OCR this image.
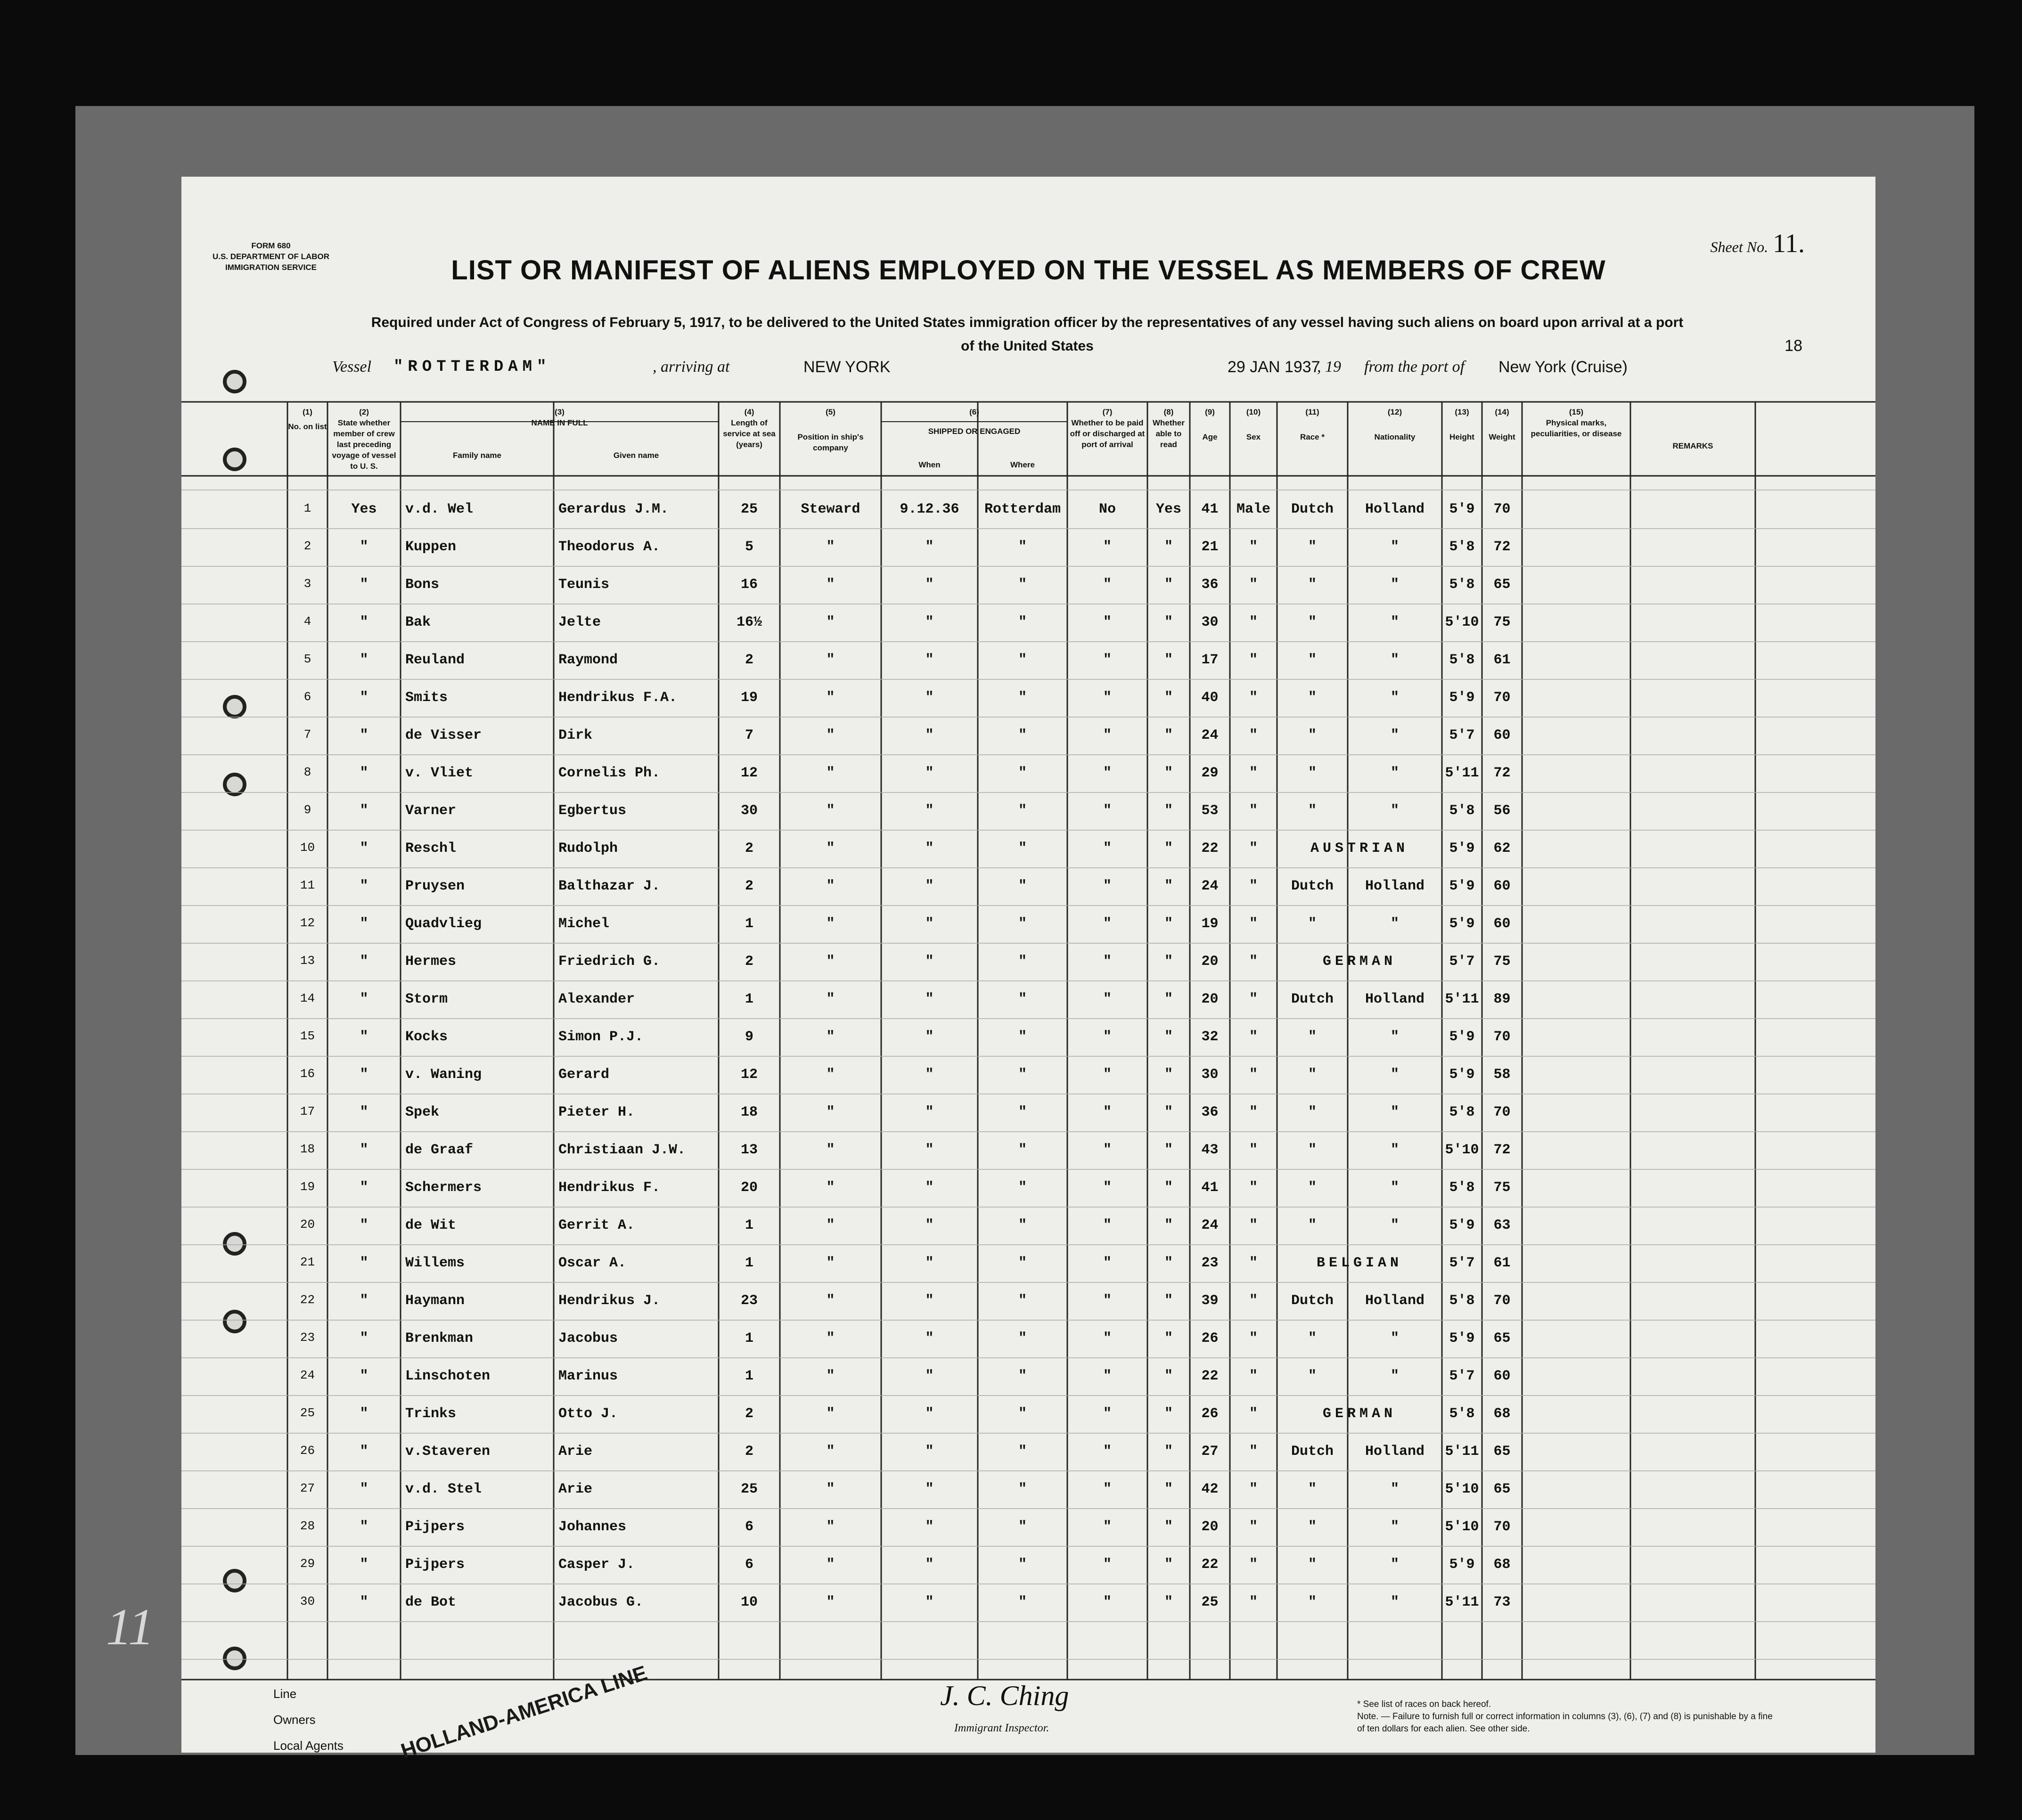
FORM 680
U.S. DEPARTMENT OF LABOR
IMMIGRATION SERVICE
Sheet No. 11.
LIST OR MANIFEST OF ALIENS EMPLOYED ON THE VESSEL AS MEMBERS OF CREW
Required under Act of Congress of February 5, 1917, to be delivered to the United States immigration officer by the representatives of any vessel having such aliens on board upon arrival at a port
of the United States	18
Vessel "ROTTERDAM"	, arriving at	NEW YORK	29 JAN 1937
, 19 from the port of New York (Cruise)
(1)
No. on list
(2)
State whether member of crew last preceding voyage of vessel to U. S.
(3)
NAME IN FULL
Family name	Given name
(4)
Length of service at sea (years)
(5)
Position in ship's company
(6)
SHIPPED OR ENGAGED
When	Where
(7)
Whether to be paid off or discharged at port of arrival
(8)
Whether able to read
(9)
Age
(10)
Sex
(11)
Race *
(12)
Nationality
(13)
Height
(14)
Weight
(15)
Physical marks, peculiarities, or disease
REMARKS
1	Yes	v.d. Wel	Gerardus J.M.	25	Steward	9.12.36	Rotterdam	No	Yes	41	Male	Dutch	Holland	5'9	70
2	"	Kuppen	Theodorus A.	5	"	"	"	"	"	21	"	"	"	5'8	72
3	"	Bons	Teunis	16	"	"	"	"	"	36	"	"	"	5'8	65
4	"	Bak	Jelte	16½	"	"	"	"	"	30	"	"	"	5'10	75
5	"	Reuland	Raymond	2	"	"	"	"	"	17	"	"	"	5'8	61
6	"	Smits	Hendrikus F.A.	19	"	"	"	"	"	40	"	"	"	5'9	70
7	"	de Visser	Dirk	7	"	"	"	"	"	24	"	"	"	5'7	60
8	"	v. Vliet	Cornelis Ph.	12	"	"	"	"	"	29	"	"	"	5'11	72
9	"	Varner	Egbertus	30	"	"	"	"	"	53	"	"	"	5'8	56
10	"	Reschl	Rudolph	2	"	"	"	"	"	22	"	AUSTRIAN	5'9	62
11	"	Pruysen	Balthazar J.	2	"	"	"	"	"	24	"	Dutch	Holland	5'9	60
12	"	Quadvlieg	Michel	1	"	"	"	"	"	19	"	"	"	5'9	60
13	"	Hermes	Friedrich G.	2	"	"	"	"	"	20	"	GERMAN	5'7	75
14	"	Storm	Alexander	1	"	"	"	"	"	20	"	Dutch	Holland	5'11	89
15	"	Kocks	Simon P.J.	9	"	"	"	"	"	32	"	"	"	5'9	70
16	"	v. Waning	Gerard	12	"	"	"	"	"	30	"	"	"	5'9	58
17	"	Spek	Pieter H.	18	"	"	"	"	"	36	"	"	"	5'8	70
18	"	de Graaf	Christiaan J.W.	13	"	"	"	"	"	43	"	"	"	5'10	72
19	"	Schermers	Hendrikus F.	20	"	"	"	"	"	41	"	"	"	5'8	75
20	"	de Wit	Gerrit A.	1	"	"	"	"	"	24	"	"	"	5'9	63
21	"	Willems	Oscar A.	1	"	"	"	"	"	23	"	BELGIAN	5'7	61
22	"	Haymann	Hendrikus J.	23	"	"	"	"	"	39	"	Dutch	Holland	5'8	70
23	"	Brenkman	Jacobus	1	"	"	"	"	"	26	"	"	"	5'9	65
24	"	Linschoten	Marinus	1	"	"	"	"	"	22	"	"	"	5'7	60
25	"	Trinks	Otto J.	2	"	"	"	"	"	26	"	GERMAN	5'8	68
26	"	v.Staveren	Arie	2	"	"	"	"	"	27	"	Dutch	Holland	5'11	65
27	"	v.d. Stel	Arie	25	"	"	"	"	"	42	"	"	"	5'10	65
28	"	Pijpers	Johannes	6	"	"	"	"	"	20	"	"	"	5'10	70
29	"	Pijpers	Casper J.	6	"	"	"	"	"	22	"	"	"	5'9	68
30	"	de Bot	Jacobus G.	10	"	"	"	"	"	25	"	"	"	5'11	73
Line
Owners
Local Agents	HOLLAND-AMERICA LINE	J. C. Ching
Immigrant Inspector.
* See list of races on back hereof.
Note. — Failure to furnish full or correct information in columns (3), (6), (7) and (8) is punishable by a fine of ten dollars for each alien. See other side.
11
